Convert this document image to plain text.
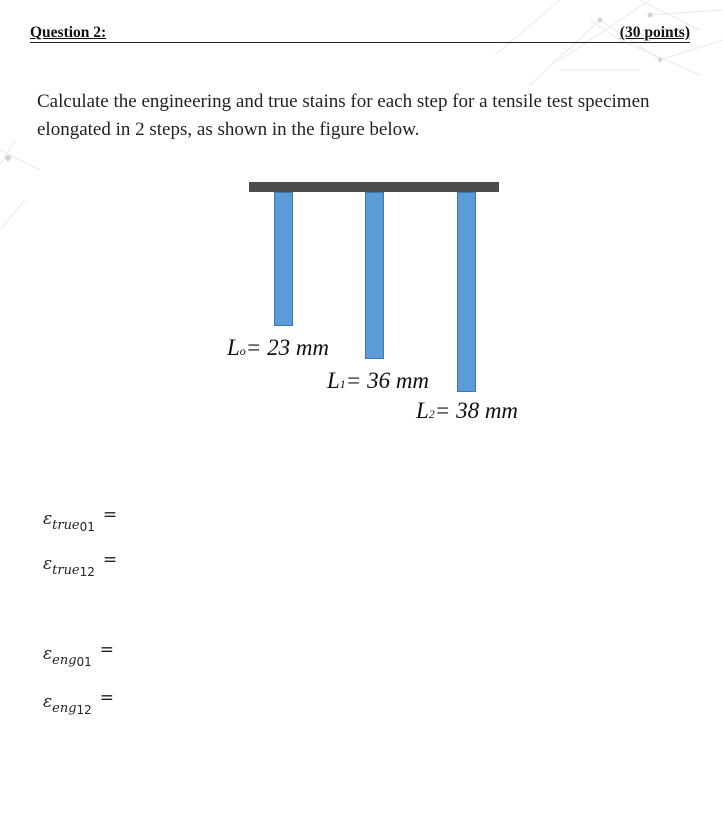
Question 2:	(30 points)
Calculate the engineering and true stains for each step for a tensile test specimen elongated in 2 steps, as shown in the figure below.
Lo= 23 mm
L1= 36 mm
L2= 38 mm
$\varepsilon_{true01}=$
$\varepsilon_{true12}=$
$\varepsilon_{eng01}=$
$\varepsilon_{eng12}=$
